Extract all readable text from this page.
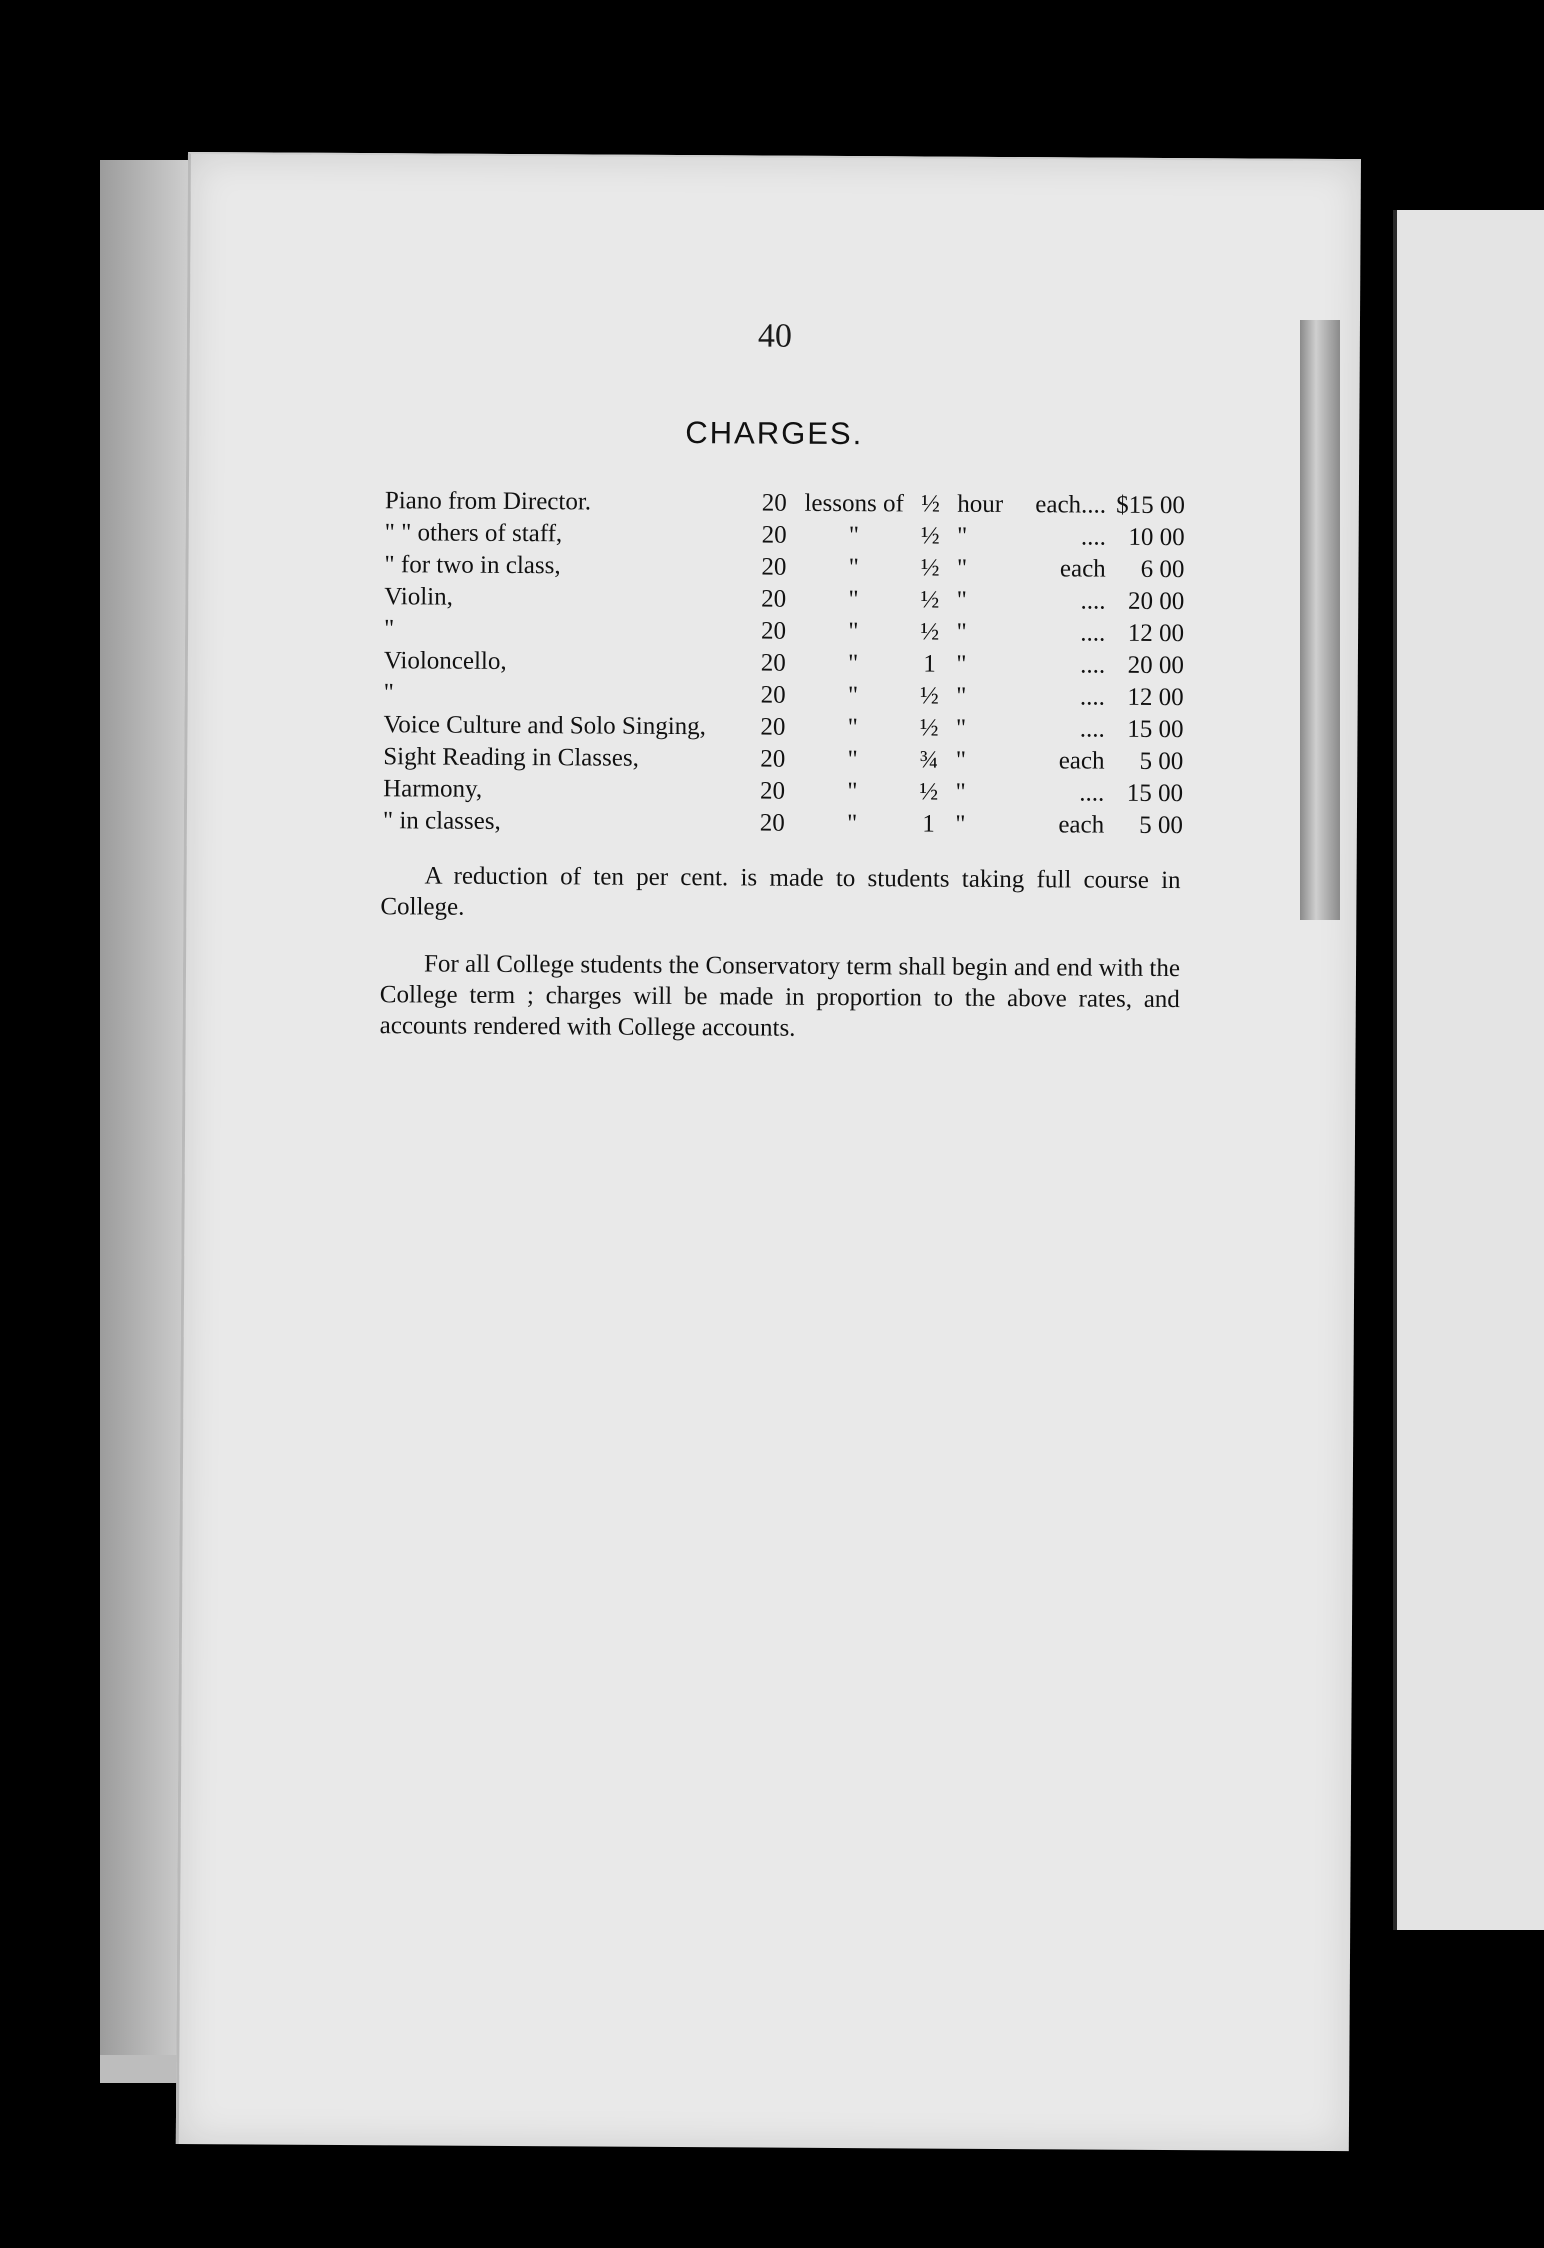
40
CHARGES.
Piano from Director.	20	lessons of	½	hour	each....	$15 00
" " others of staff,	20	"	½	"	....	10 00
" for two in class,	20	"	½	"	each	6 00
Violin,	20	"	½	"	....	20 00
"	20	"	½	"	....	12 00
Violoncello,	20	"	1	"	....	20 00
"	20	"	½	"	....	12 00
Voice Culture and Solo Singing,	20	"	½	"	....	15 00
Sight Reading in Classes,	20	"	¾	"	each	5 00
Harmony,	20	"	½	"	....	15 00
" in classes,	20	"	1	"	each	5 00

A reduction of ten per cent. is made to students taking full course in College.

For all College students the Conservatory term shall begin and end with the College term ; charges will be made in proportion to the above rates, and accounts rendered with College accounts.
